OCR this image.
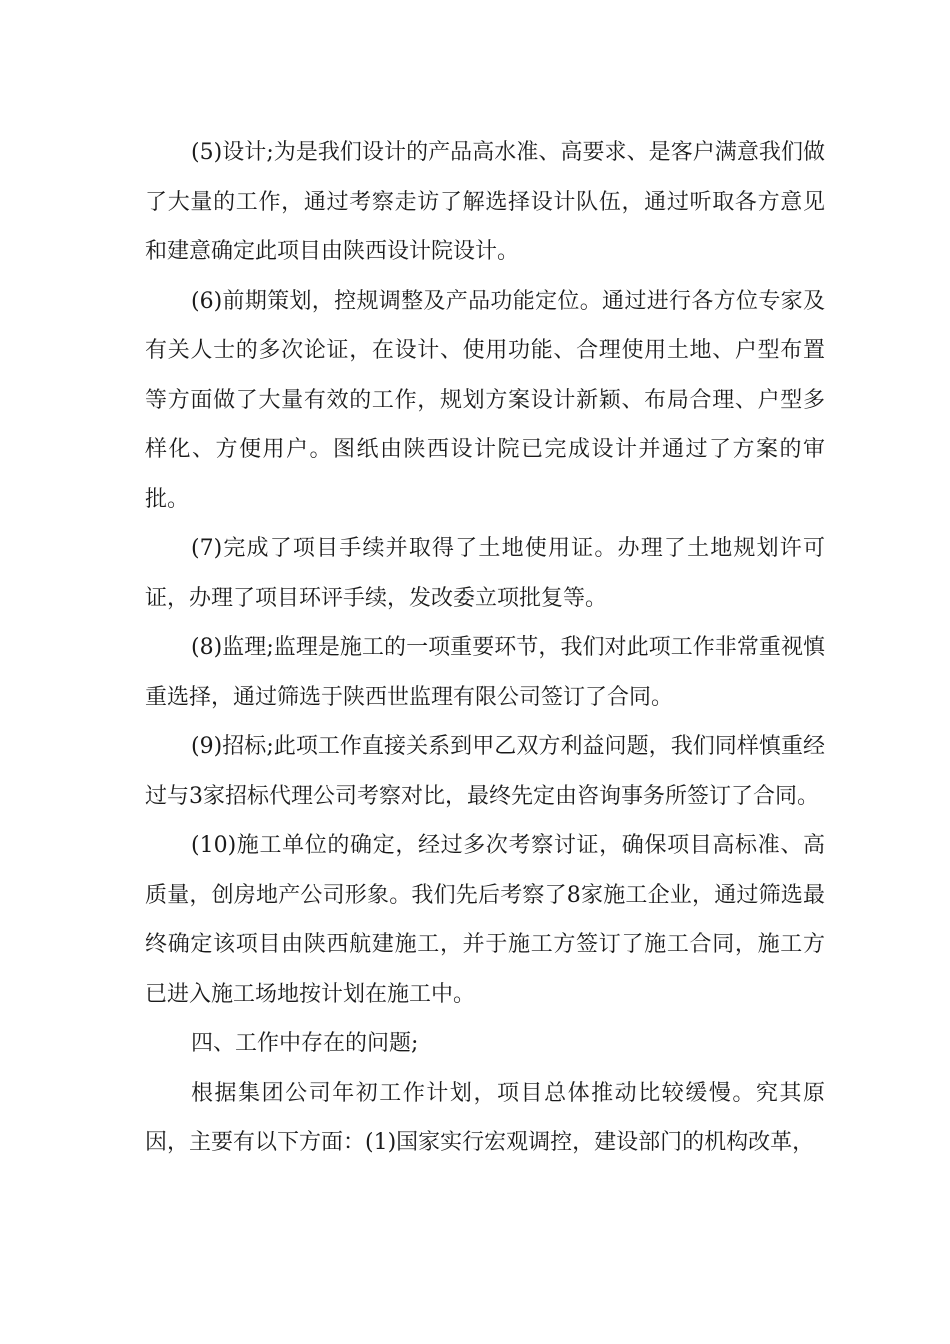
(5)设计;为是我们设计的产品高水准、高要求、是客户满意我们做了大量的工作，通过考察走访了解选择设计队伍，通过听取各方意见和建意确定此项目由陕西设计院设计。

(6)前期策划，控规调整及产品功能定位。通过进行各方位专家及有关人士的多次论证，在设计、使用功能、合理使用土地、户型布置等方面做了大量有效的工作，规划方案设计新颖、布局合理、户型多样化、方便用户。图纸由陕西设计院已完成设计并通过了方案的审批。

(7)完成了项目手续并取得了土地使用证。办理了土地规划许可证，办理了项目环评手续，发改委立项批复等。

(8)监理;监理是施工的一项重要环节，我们对此项工作非常重视慎重选择，通过筛选于陕西世监理有限公司签订了合同。

(9)招标;此项工作直接关系到甲乙双方利益问题，我们同样慎重经过与3家招标代理公司考察对比，最终先定由咨询事务所签订了合同。

(10)施工单位的确定，经过多次考察讨证，确保项目高标准、高质量，创房地产公司形象。我们先后考察了8家施工企业，通过筛选最终确定该项目由陕西航建施工，并于施工方签订了施工合同，施工方已进入施工场地按计划在施工中。

四、工作中存在的问题;

根据集团公司年初工作计划，项目总体推动比较缓慢。究其原因，主要有以下方面：(1)国家实行宏观调控，建设部门的机构改革，
